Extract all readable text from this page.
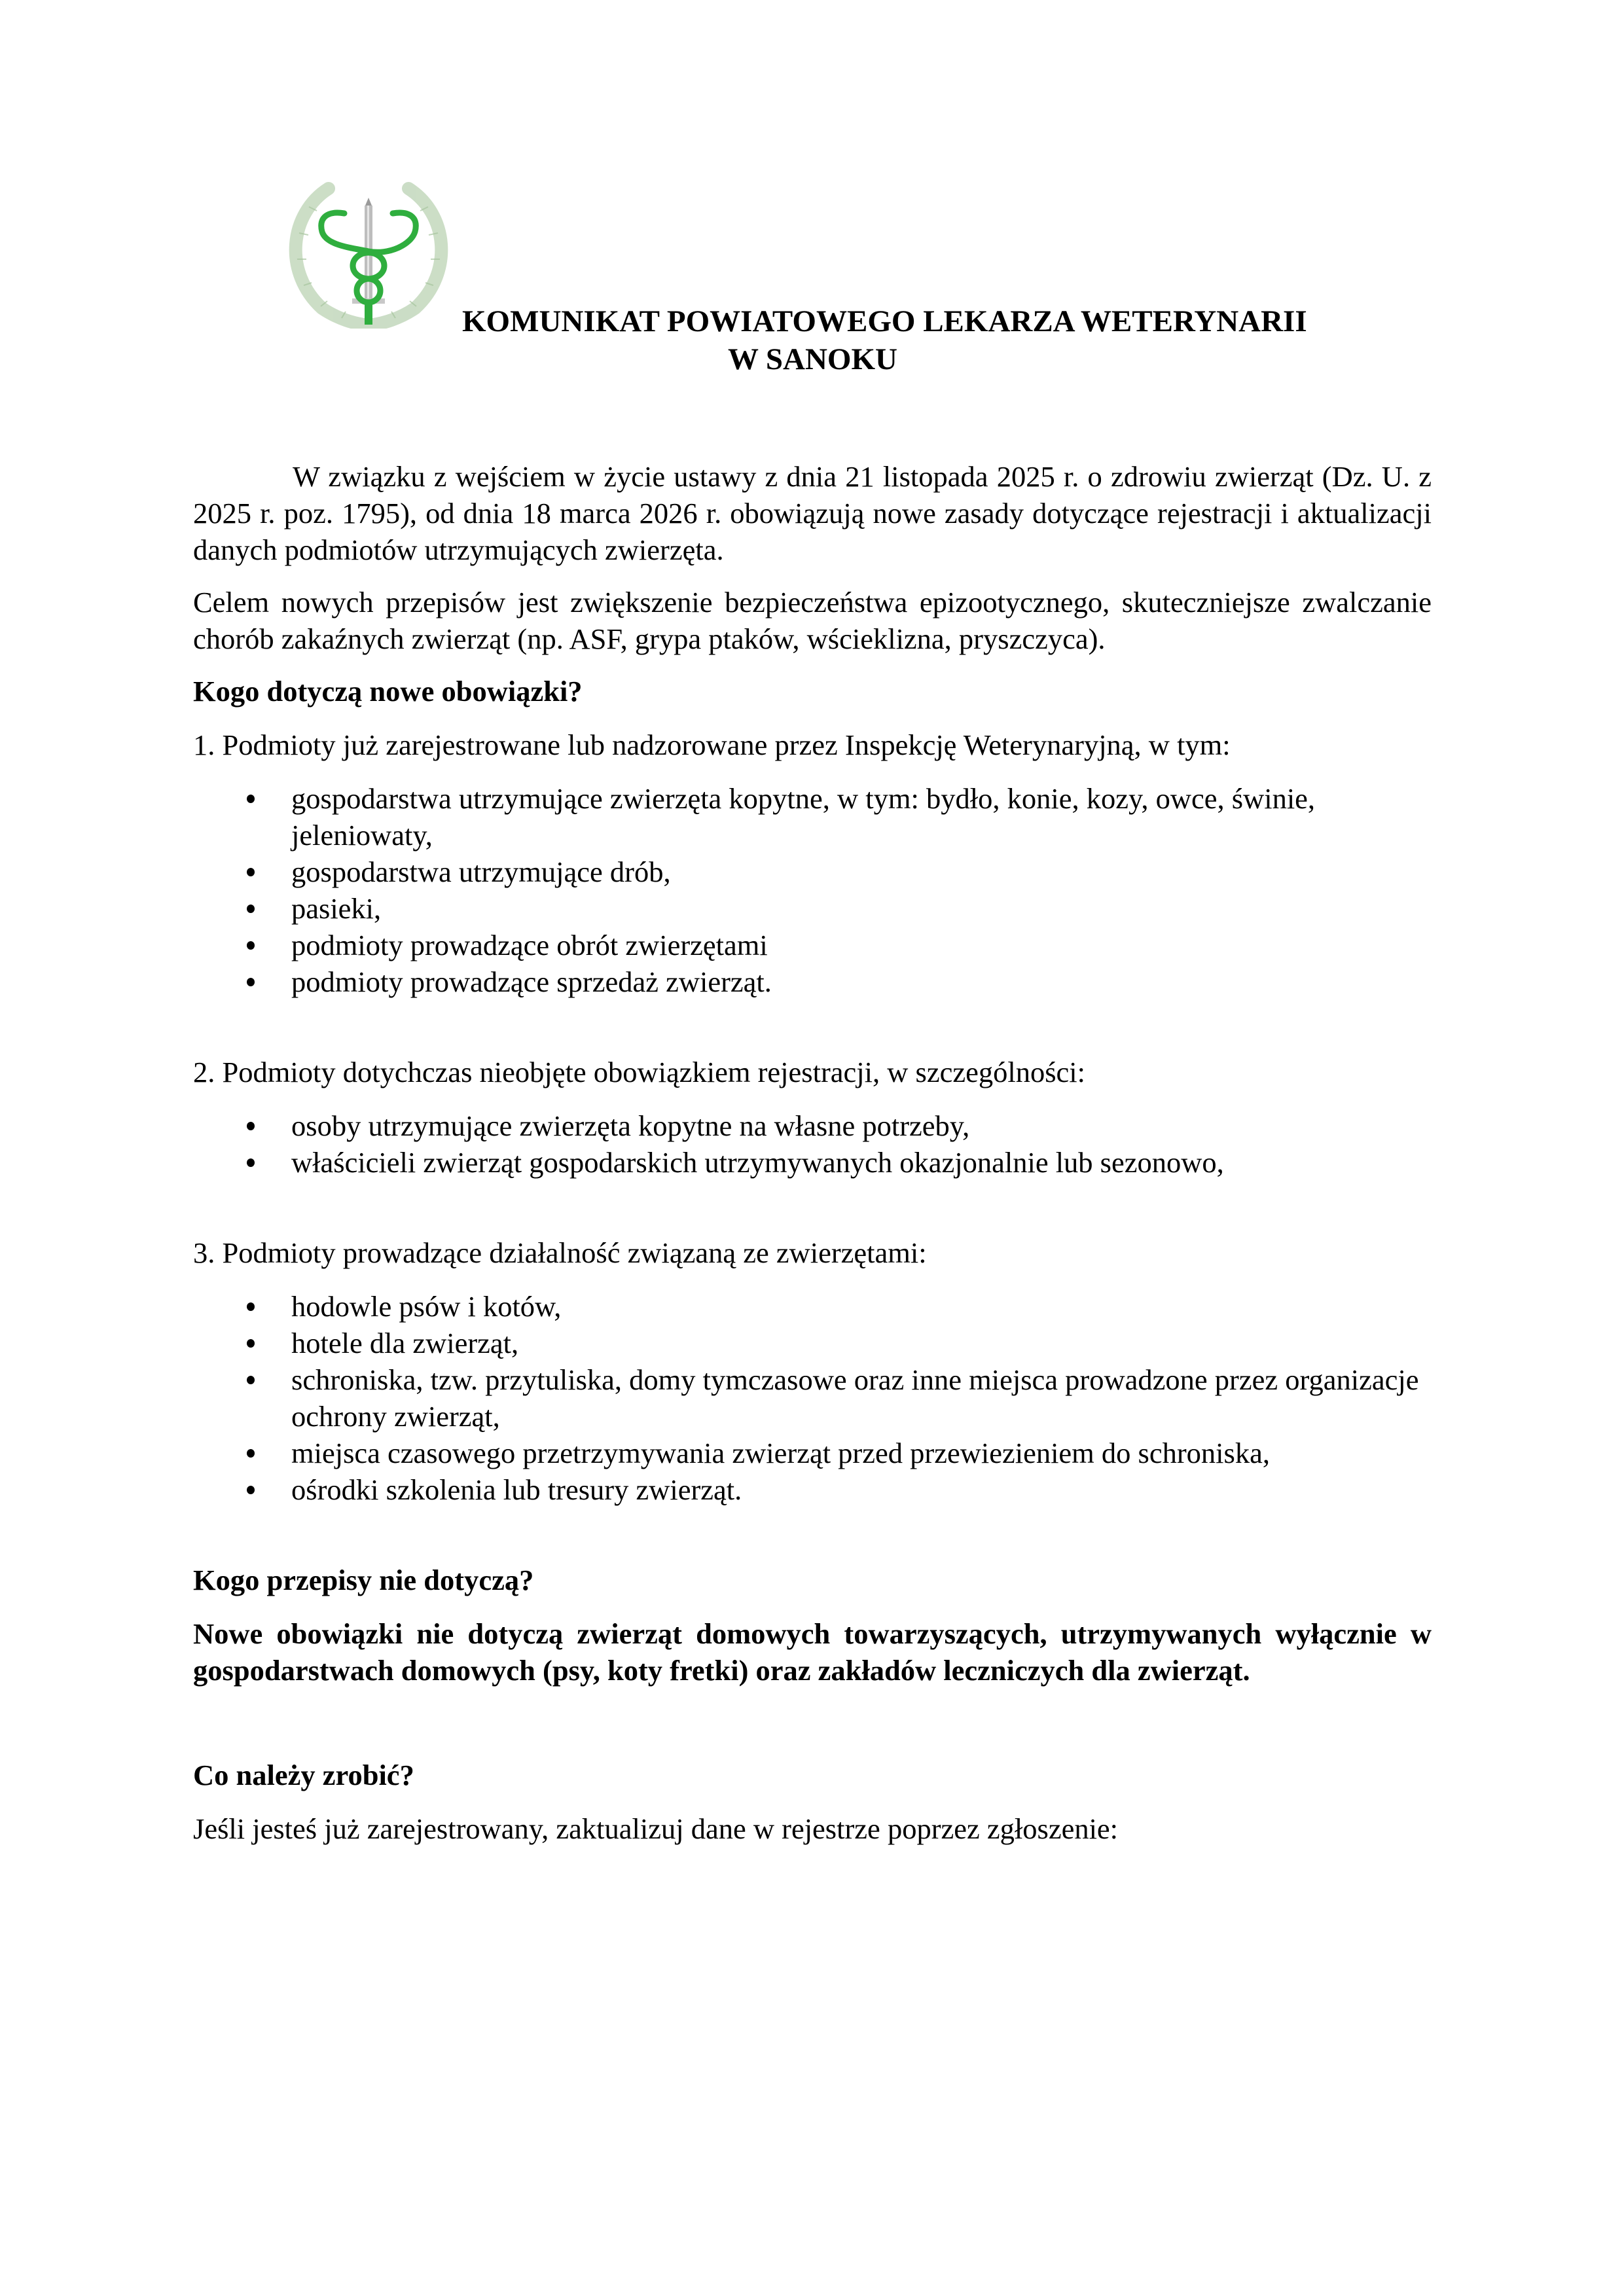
KOMUNIKAT POWIATOWEGO LEKARZA WETERYNARII
W SANOKU

W związku z wejściem w życie ustawy z dnia 21 listopada 2025 r. o zdrowiu zwierząt (Dz. U. z 2025 r. poz. 1795), od dnia 18 marca 2026 r. obowiązują nowe zasady dotyczące rejestracji i aktualizacji danych podmiotów utrzymujących zwierzęta.

Celem nowych przepisów jest zwiększenie bezpieczeństwa epizootycznego, skuteczniejsze zwalczanie chorób zakaźnych zwierząt (np. ASF, grypa ptaków, wścieklizna, pryszczyca).

Kogo dotyczą nowe obowiązki?

1. Podmioty już zarejestrowane lub nadzorowane przez Inspekcję Weterynaryjną, w tym:

gospodarstwa utrzymujące zwierzęta kopytne, w tym: bydło, konie, kozy, owce, świnie, jeleniowaty,
gospodarstwa utrzymujące drób,
pasieki,
podmioty prowadzące obrót zwierzętami
podmioty prowadzące sprzedaż zwierząt.

2. Podmioty dotychczas nieobjęte obowiązkiem rejestracji, w szczególności:

osoby utrzymujące zwierzęta kopytne na własne potrzeby,
właścicieli zwierząt gospodarskich utrzymywanych okazjonalnie lub sezonowo,

3. Podmioty prowadzące działalność związaną ze zwierzętami:

hodowle psów i kotów,
hotele dla zwierząt,
schroniska, tzw. przytuliska, domy tymczasowe oraz inne miejsca prowadzone przez organizacje ochrony zwierząt,
miejsca czasowego przetrzymywania zwierząt przed przewiezieniem do schroniska,
ośrodki szkolenia lub tresury zwierząt.

Kogo przepisy nie dotyczą?

Nowe obowiązki nie dotyczą zwierząt domowych towarzyszących, utrzymywanych wyłącznie w gospodarstwach domowych (psy, koty fretki) oraz zakładów leczniczych dla zwierząt.

Co należy zrobić?

Jeśli jesteś już zarejestrowany, zaktualizuj dane w rejestrze poprzez zgłoszenie:
